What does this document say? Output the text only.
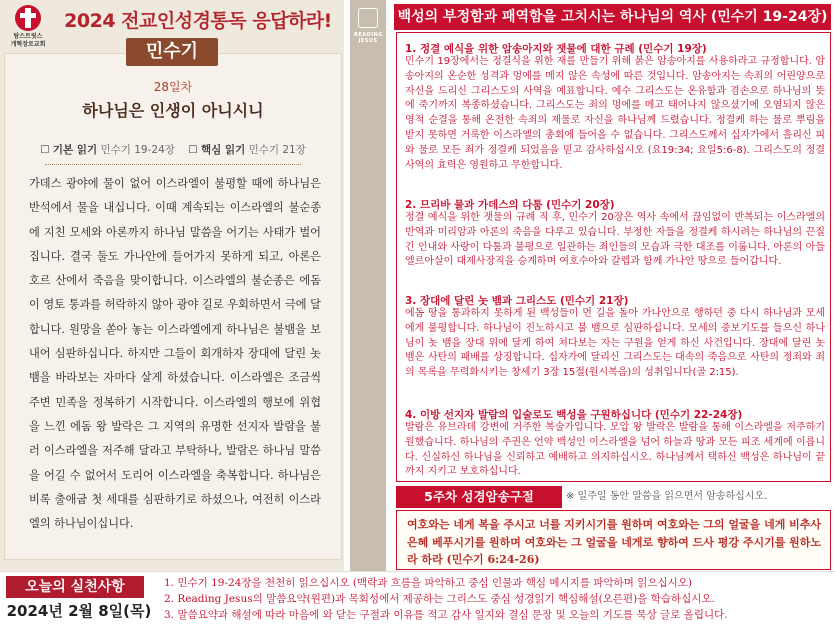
탐스트릿스
개혁장로교회
2024 전교인성경통독 응답하라!
28일차
하나님은 인생이 아니시니
☐ 기본 읽기 민수기 19-24장 ☐ 핵심 읽기 민수기 21장
가데스 광야에 물이 없어 이스라엘이 불평할 때에 하나님은 반석에서 물을 내십니다. 이때 계속되는 이스라엘의 불순종에 지친 모세와 아론까지 하나님 말씀을 어기는 사태가 벌어집니다. 결국 둘도 가나안에 들어가지 못하게 되고, 아론은 호르 산에서 죽음을 맞이합니다. 이스라엘의 불순종은 에돔이 영토 통과를 허락하지 않아 광야 길로 우회하면서 극에 달합니다. 원망을 쏟아 놓는 이스라엘에게 하나님은 불뱀을 보내어 심판하십니다. 하지만 그들이 회개하자 장대에 달린 놋뱀을 바라보는 자마다 살게 하셨습니다. 이스라엘은 조금씩 주변 민족을 정복하기 시작합니다. 이스라엘의 행보에 위협을 느낀 에돔 왕 발락은 그 지역의 유명한 선지자 발람을 불러 이스라엘을 저주해 달라고 부탁하나, 발람은 하나님 말씀을 어길 수 없어서 도리어 이스라엘을 축복합니다. 하나님은 비록 출애굽 첫 세대를 심판하기로 하셨으나, 여전히 이스라엘의 하나님이십니다.
민수기
READING JESUS
백성의 부정함과 패역함을 고치시는 하나님의 역사 (민수기 19-24장)
1. 정결 예식을 위한 암송아지와 잿물에 대한 규례 (민수기 19장)
민수기 19장에서는 정결식을 위한 재를 만들기 위해 붉은 암송아지를 사용하라고 규정합니다. 암송아지의 온순한 성격과 멍에를 메지 않은 속성에 따른 것입니다. 암송아지는 속죄의 어린양으로 자신을 드리신 그리스도의 사역을 예표합니다. 예수 그리스도는 온유함과 겸손으로 하나님의 뜻에 죽기까지 복종하셨습니다. 그리스도는 죄의 멍에를 메고 태어나지 않으셨기에 오염되지 않은 영적 순결을 통해 온전한 속죄의 제물로 자신을 하나님께 드렸습니다. 정결케 하는 물로 뿌림을 받지 못하면 거룩한 이스라엘의 총회에 들어올 수 없습니다. 그리스도께서 십자가에서 흘리신 피와 물로 모든 죄가 정결케 되었음을 믿고 감사하십시오 (요19:34; 요일5:6-8). 그리스도의 정결 사역의 효력은 영원하고 무한합니다.
2. 므리바 물과 가데스의 다툼 (민수기 20장)
정결 예식을 위한 잿물의 규례 직 후, 민수기 20장은 역사 속에서 끊임없이 반복되는 이스라엘의 반역과 미리암과 아론의 죽음을 다루고 있습니다. 부정한 자들을 정결케 하시려는 하나님의 끈질긴 인내와 사랑이 다툼과 불평으로 일관하는 죄인들의 모습과 극한 대조를 이룹니다. 아론의 아들 엘르아살이 대제사장직을 승계하며 여호수아와 갈렙과 함께 가나안 땅으로 들어갑니다.
3. 장대에 달린 놋 뱀과 그리스도 (민수기 21장)
에돔 땅을 통과하지 못하게 된 백성들이 먼 길을 돌아 가나안으로 행하던 중 다시 하나님과 모세에게 불평합니다. 하나님이 진노하시고 불 뱀으로 심판하십니다. 모세의 중보기도를 들으신 하나님이 놋 뱀을 장대 위에 달게 하여 쳐다보는 자는 구원을 얻게 하신 사건입니다. 장대에 달린 놋 뱀은 사탄의 패배를 상징합니다. 십자가에 달리신 그리스도는 대속의 죽음으로 사탄의 정죄와 죄의 목록을 무력화시키는 창세기 3장 15절(원시복음)의 성취입니다(골 2:15).
4. 이방 선지자 발람의 입술로도 백성을 구원하십니다 (민수기 22-24장)
발람은 유브라데 강변에 거주한 복술가입니다. 모압 왕 발락은 발람을 통해 이스라엘을 저주하기 원했습니다. 하나님의 주권은 언약 백성인 이스라엘을 넘어 하늘과 땅과 모든 피조 세계에 이릅니다. 신실하신 하나님을 신뢰하고 예배하고 의지하십시오. 하나님께서 택하신 백성은 하나님이 끝까지 지키고 보호하십니다.
5주차 성경암송구절	※ 일주일 동안 말씀을 읽으면서 암송하십시오.
여호와는 네게 복을 주시고 너를 지키시기를 원하며 여호와는 그의 얼굴을 네게 비추사 은혜 베푸시기를 원하며 여호와는 그 얼굴을 네게로 향하여 드사 평강 주시기를 원하노라 하라 (민수기 6:24-26)
오늘의 실천사항
2024년 2월 8일(목)
1. 민수기 19-24장을 천천히 읽으십시오 (맥락과 흐름을 파악하고 중심 인물과 핵심 메시지를 파악하며 읽으십시오)
2. Reading Jesus의 말씀요약(원편)과 목회성에서 제공하는 그리스도 중심 성경읽기 핵심해설(오른편)을 학습하십시오.
3. 말씀요약과 해설에 따라 마음에 와 닫는 구절과 이유를 적고 감사 일지와 결심 문장 및 오늘의 기도를 묵상 글로 올립니다.
